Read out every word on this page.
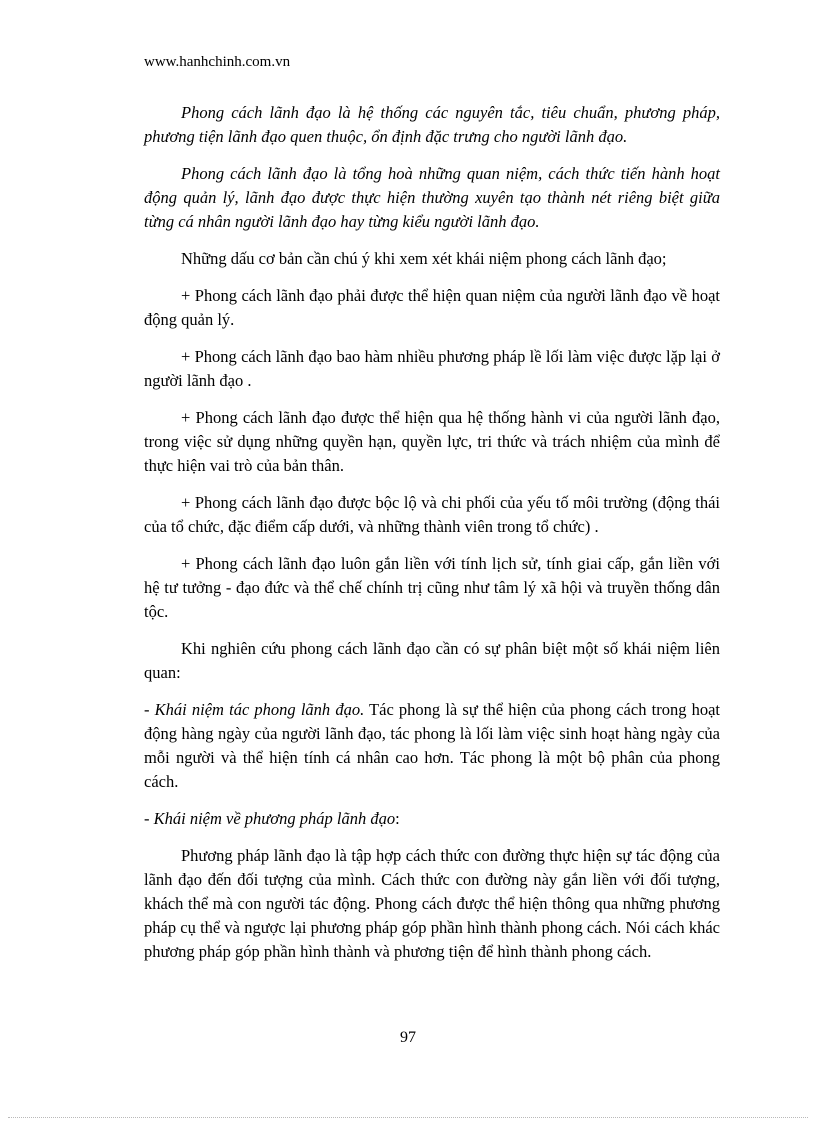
www.hanhchinh.com.vn

Phong cách lãnh đạo là hệ thống các nguyên tắc, tiêu chuẩn, phương pháp, phương tiện lãnh đạo quen thuộc, ổn định đặc trưng cho người lãnh đạo.

Phong cách lãnh đạo là tổng hoà những quan niệm, cách thức tiến hành hoạt động quản lý, lãnh đạo được thực hiện thường xuyên tạo thành nét riêng biệt giữa từng cá nhân người lãnh đạo hay từng kiểu người lãnh đạo.

Những dấu cơ bản cần chú ý khi xem xét khái niệm phong cách lãnh đạo;

+ Phong cách lãnh đạo phải được thể hiện quan niệm của người lãnh đạo về hoạt động quản lý.

+ Phong cách lãnh đạo bao hàm nhiều phương pháp lề lối làm việc được lặp lại ở người lãnh đạo .

+ Phong cách lãnh đạo được thể hiện qua hệ thống hành vi của người lãnh đạo, trong việc sử dụng những quyền hạn, quyền lực, tri thức và trách nhiệm của mình để thực hiện vai trò của bản thân.

+ Phong cách lãnh đạo được bộc lộ và chi phối của yếu tố môi trường (động thái của tổ chức, đặc điểm cấp dưới, và những thành viên trong tổ chức) .

+ Phong cách lãnh đạo luôn gắn liền với tính lịch sử, tính giai cấp, gắn liền với hệ tư tưởng - đạo đức và thể chế chính trị cũng như tâm lý xã hội và truyền thống dân tộc.

Khi nghiên cứu phong cách lãnh đạo cần có sự phân biệt một số khái niệm liên quan:

- Khái niệm tác phong lãnh đạo. Tác phong là sự thể hiện của phong cách trong hoạt động hàng ngày của người lãnh đạo, tác phong là lối làm việc sinh hoạt hàng ngày của mỗi người và thể hiện tính cá nhân cao hơn. Tác phong là một bộ phân của phong cách.

- Khái niệm về phương pháp lãnh đạo:

Phương pháp lãnh đạo là tập hợp cách thức con đường thực hiện sự tác động của lãnh đạo đến đối tượng của mình. Cách thức con đường này gắn liền với đối tượng, khách thể mà con người tác động. Phong cách được thể hiện thông qua những phương pháp cụ thể và ngược lại phương pháp góp phần hình thành phong cách. Nói cách khác phương pháp góp phần hình thành và phương tiện để hình thành phong cách.

97
